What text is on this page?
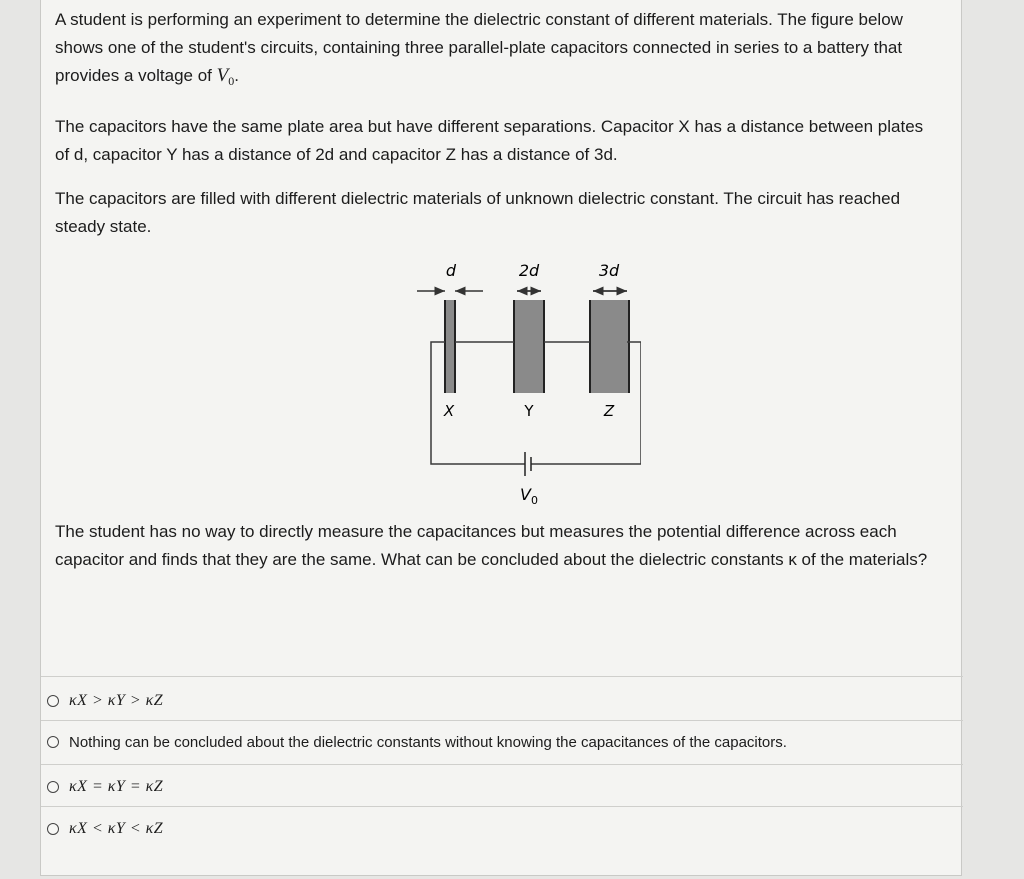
A student is performing an experiment to determine the dielectric constant of different materials. The figure below shows one of the student's circuits, containing three parallel-plate capacitors connected in series to a battery that provides a voltage of $V_0$.

The capacitors have the same plate area but have different separations. Capacitor X has a distance between plates of d, capacitor Y has a distance of 2d and capacitor Z has a distance of 3d.

The capacitors are filled with different dielectric materials of unknown dielectric constant. The circuit has reached steady state.

d	2d	3d
$V_0$
X	Y	Z

The student has no way to directly measure the capacitances but measures the potential difference across each capacitor and finds that they are the same. What can be concluded about the dielectric constants κ of the materials?

κX > κY > κZ
Nothing can be concluded about the dielectric constants without knowing the capacitances of the capacitors.
κX = κY = κZ
κX < κY < κZ
